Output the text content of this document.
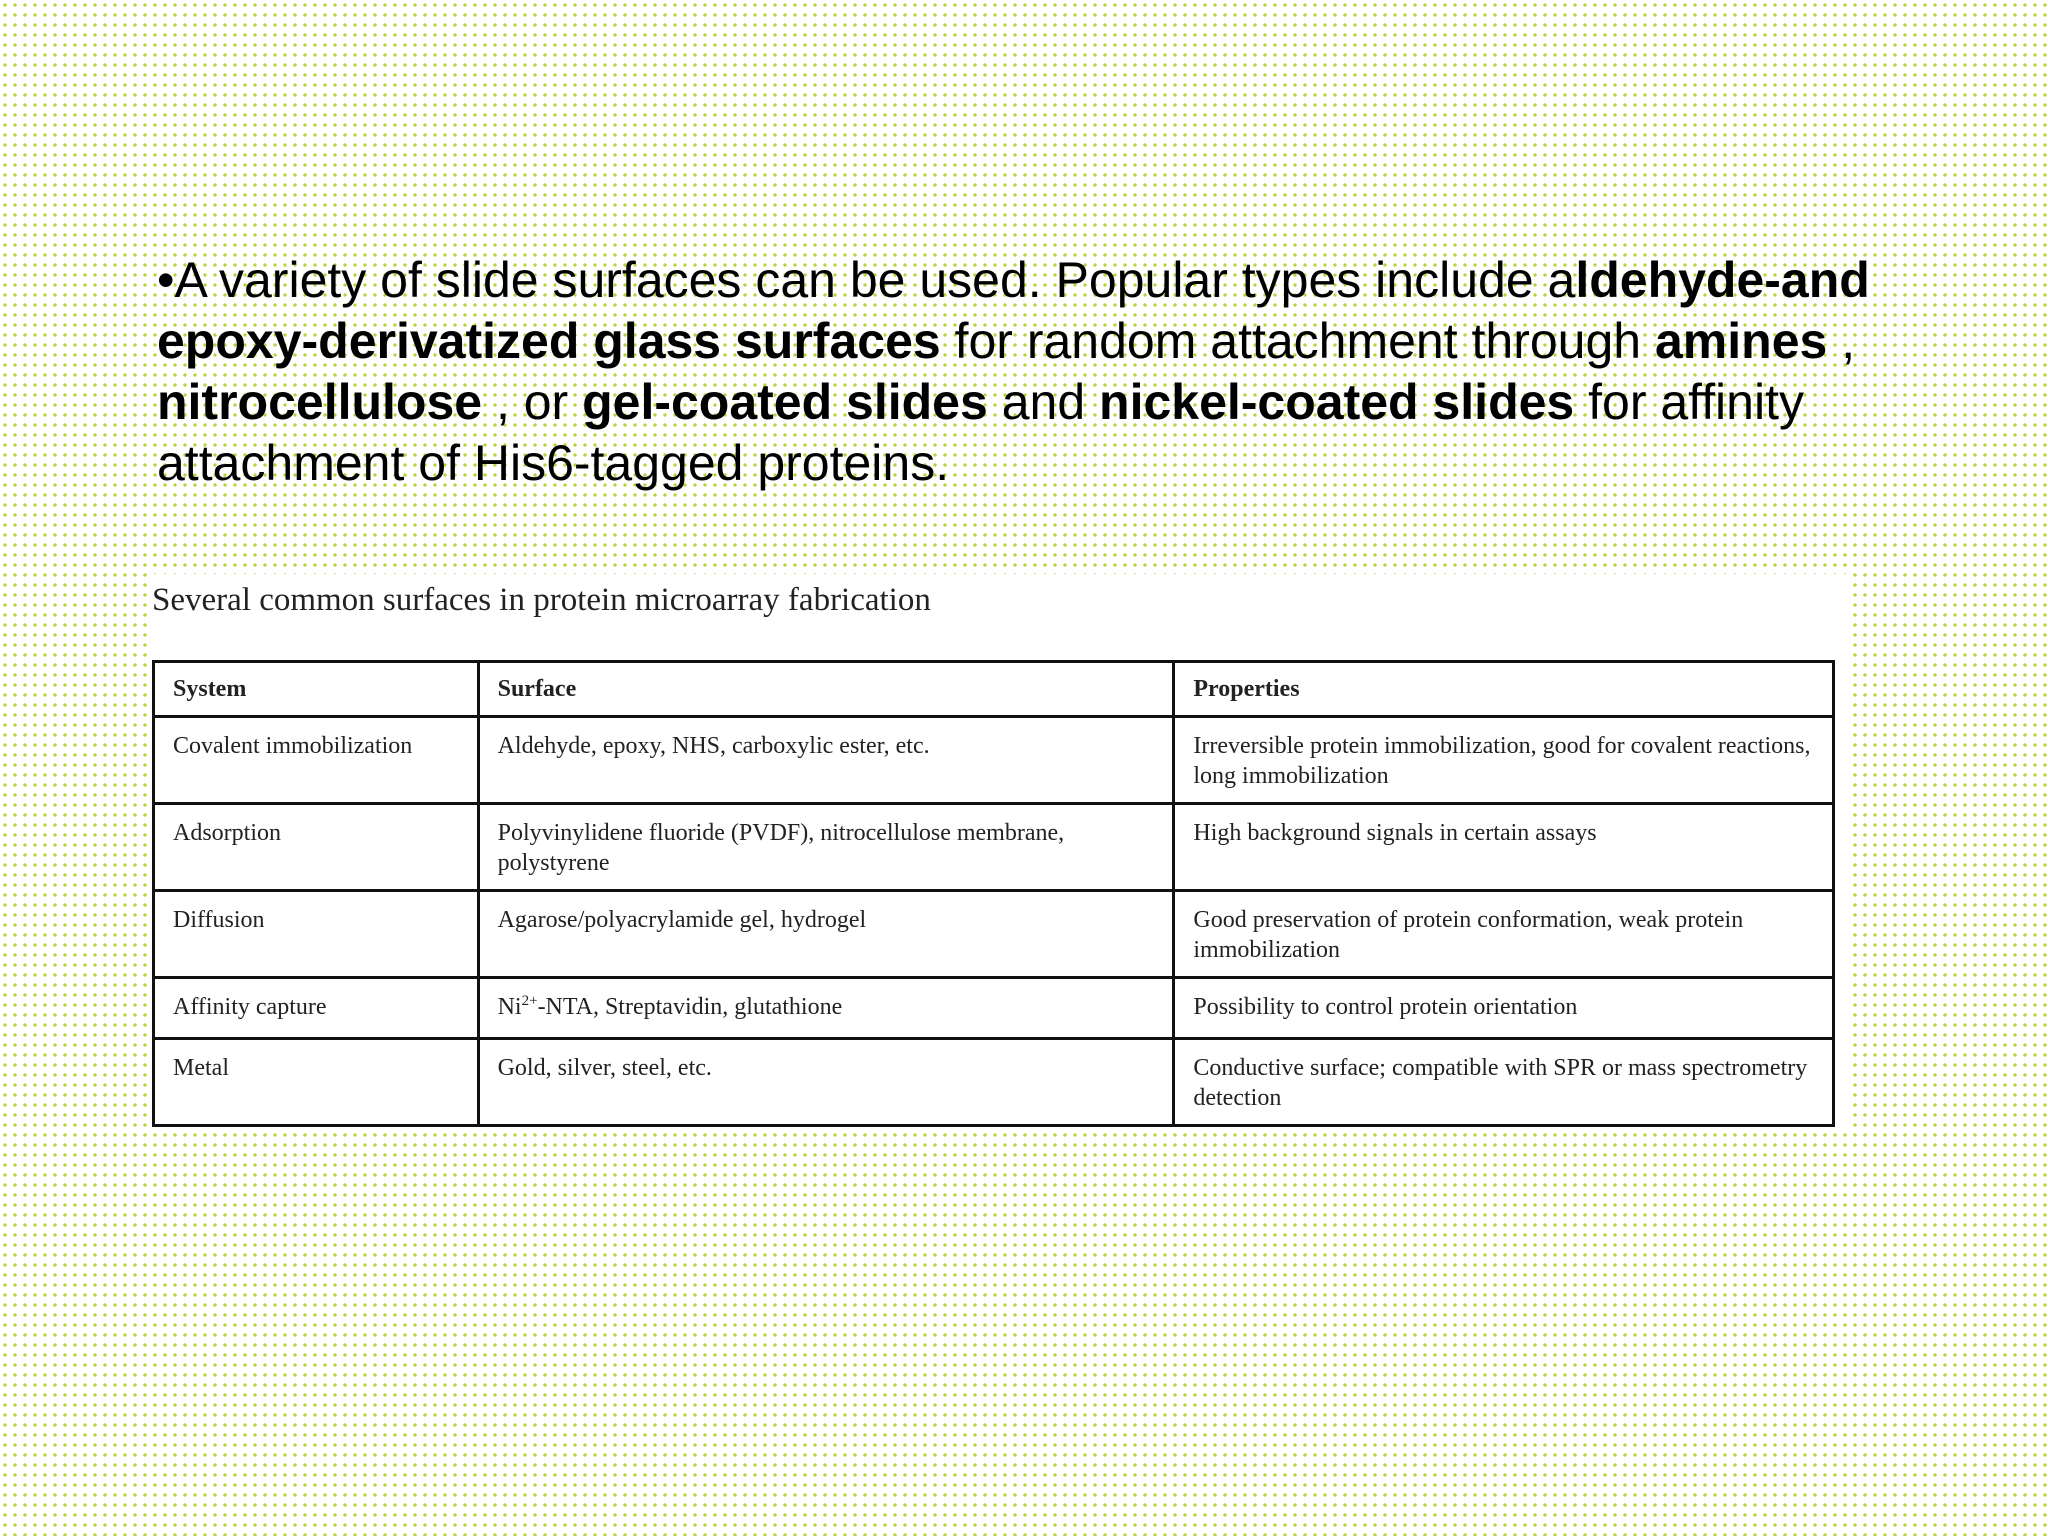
•A variety of slide surfaces can be used. Popular types include aldehyde-and epoxy-derivatized glass surfaces for random attachment through amines , nitrocellulose , or gel-coated slides and nickel-coated slides for affinity attachment of His6-tagged proteins.

Several common surfaces in protein microarray fabrication
System	Surface	Properties
Covalent immobilization	Aldehyde, epoxy, NHS, carboxylic ester, etc.	Irreversible protein immobilization, good for covalent reactions, long immobilization
Adsorption	Polyvinylidene fluoride (PVDF), nitrocellulose membrane, polystyrene	High background signals in certain assays
Diffusion	Agarose/polyacrylamide gel, hydrogel	Good preservation of protein conformation, weak protein immobilization
Affinity capture	$Ni^{2+}$-NTA, Streptavidin, glutathione	Possibility to control protein orientation
Metal	Gold, silver, steel, etc.	Conductive surface; compatible with SPR or mass spectrometry detection
